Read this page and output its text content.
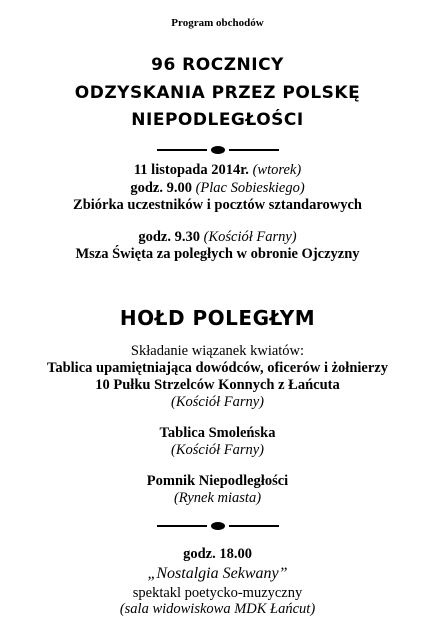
Program obchodów
96 ROCZNICY
ODZYSKANIA PRZEZ POLSKĘ
NIEPODLEGŁOŚCI
11 listopada 2014r. (wtorek)
godz. 9.00 (Plac Sobieskiego)
Zbiórka uczestników i pocztów sztandarowych
godz. 9.30 (Kościół Farny)
Msza Święta za poległych w obronie Ojczyzny
HOŁD POLEGŁYM
Składanie wiązanek kwiatów:
Tablica upamiętniająca dowódców, oficerów i żołnierzy
10 Pułku Strzelców Konnych z Łańcuta
(Kościół Farny)
Tablica Smoleńska
(Kościół Farny)
Pomnik Niepodległości
(Rynek miasta)
godz. 18.00
„Nostalgia Sekwany”
spektakl poetycko-muzyczny
(sala widowiskowa MDK Łańcut)
